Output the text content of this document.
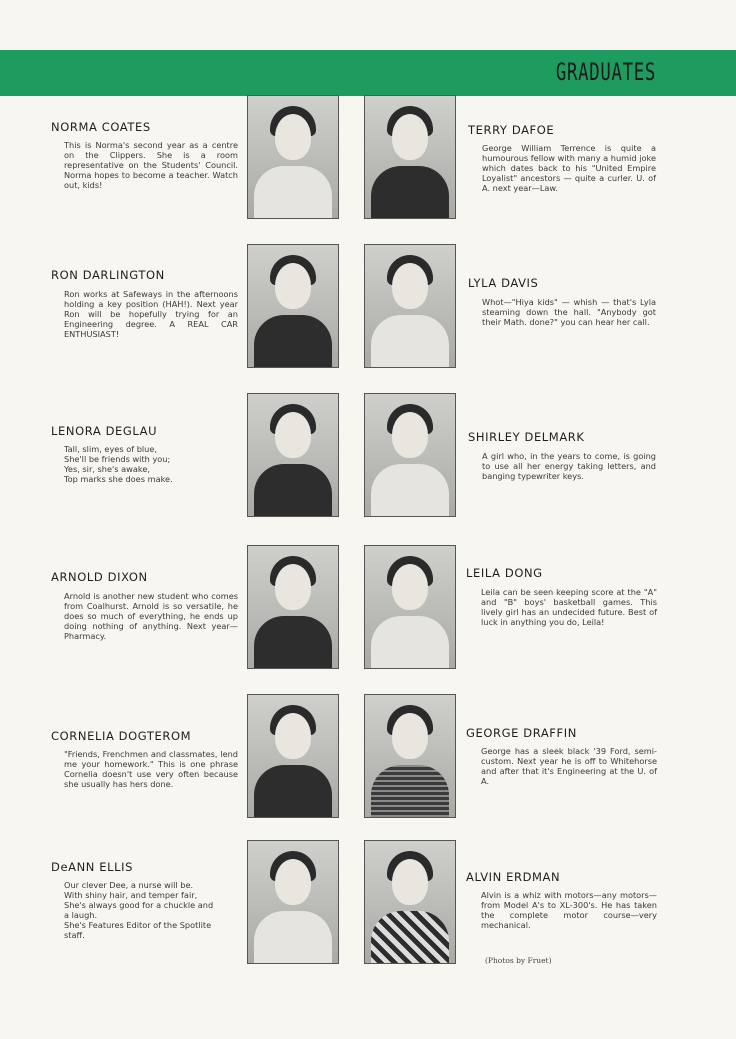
GRADUATES
NORMA COATES
This is Norma's second year as a centre on the Clippers. She is a room representative on the Students' Council. Norma hopes to become a teacher. Watch out, kids!
TERRY DAFOE
George William Terrence is quite a humourous fellow with many a humid joke which dates back to his "United Empire Loyalist" ancestors — quite a curler. U. of A. next year—Law.
RON DARLINGTON
Ron works at Safeways in the afternoons holding a key position (HAH!). Next year Ron will be hopefully trying for an Engineering degree. A REAL CAR ENTHUSIAST!
LYLA DAVIS
Whot—"Hiya kids" — whish — that's Lyla steaming down the hall. "Anybody got their Math. done?" you can hear her call.
LENORA DEGLAU
Tall, slim, eyes of blue,
She'll be friends with you;
Yes, sir, she's awake,
Top marks she does make.
SHIRLEY DELMARK
A girl who, in the years to come, is going to use all her energy taking letters, and banging typewriter keys.
ARNOLD DIXON
Arnold is another new student who comes from Coalhurst. Arnold is so versatile, he does so much of everything, he ends up doing nothing of anything. Next year—Pharmacy.
LEILA DONG
Leila can be seen keeping score at the "A" and "B" boys' basketball games. This lively girl has an undecided future. Best of luck in anything you do, Leila!
CORNELIA DOGTEROM
"Friends, Frenchmen and classmates, lend me your homework." This is one phrase Cornelia doesn't use very often because she usually has hers done.
GEORGE DRAFFIN
George has a sleek black '39 Ford, semi-custom. Next year he is off to Whitehorse and after that it's Engineering at the U. of A.
DeANN ELLIS
Our clever Dee, a nurse will be.
With shiny hair, and temper fair,
She's always good for a chuckle and
a laugh.
She's Features Editor of the Spotlite
staff.
ALVIN ERDMAN
Alvin is a whiz with motors—any motors—from Model A's to XL-300's. He has taken the complete motor course—very mechanical.
(Photos by Fruet)
